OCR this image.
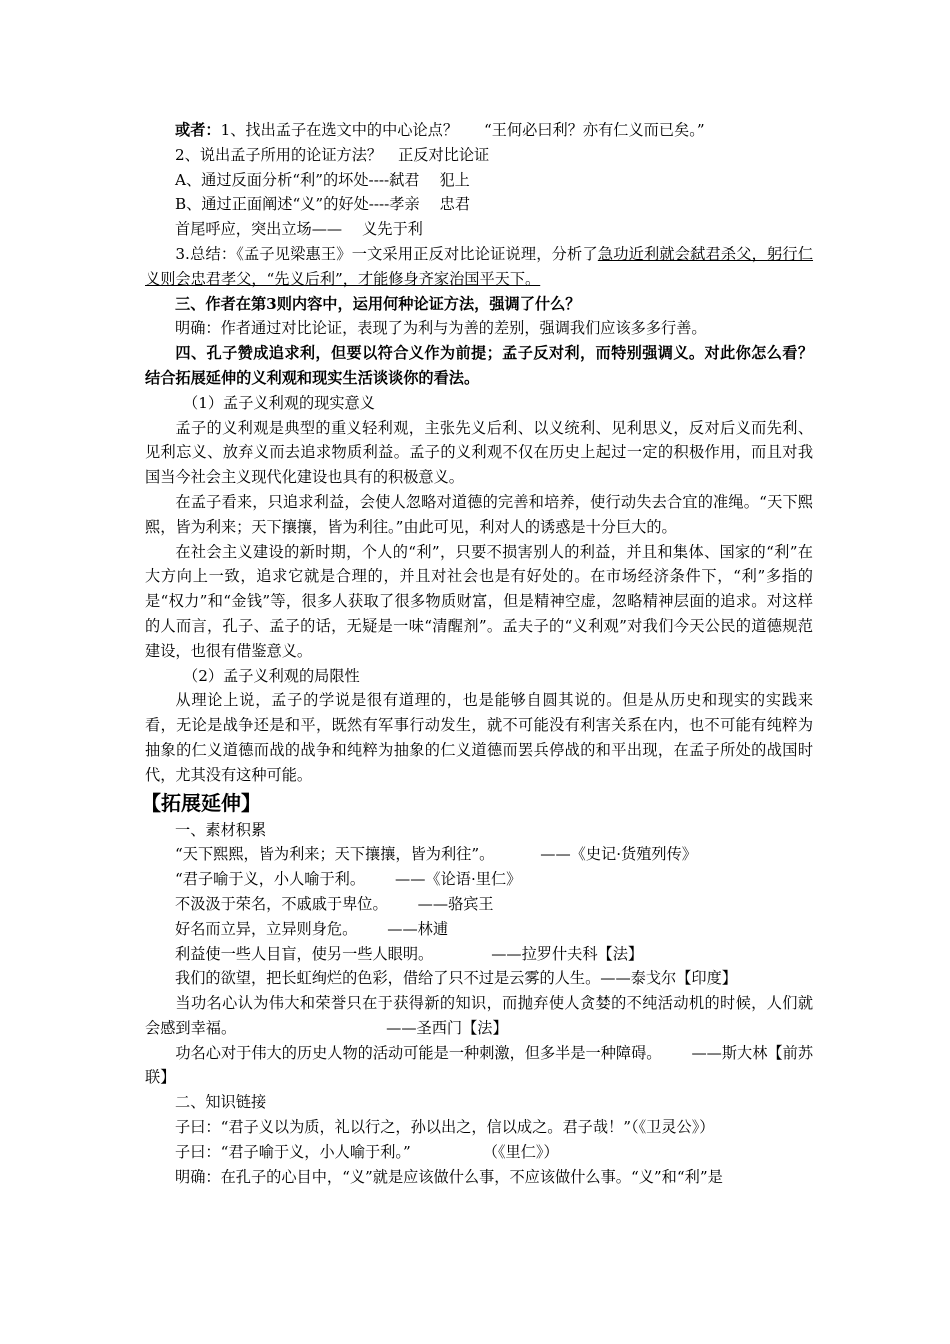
或者：1、找出孟子在选文中的中心论点？ “王何必曰利？亦有仁义而已矣。”

2、说出孟子所用的论证方法？ 正反对比论证

A、通过反面分析“利”的坏处----弑君 犯上

B、通过正面阐述“义”的好处----孝亲 忠君

首尾呼应，突出立场—— 义先于利

3.总结：《孟子见梁惠王》一文采用正反对比论证说理，分析了急功近利就会弑君杀父，躬行仁义则会忠君孝父，“先义后利”，才能修身齐家治国平天下。

三、作者在第3则内容中，运用何种论证方法，强调了什么？

明确：作者通过对比论证，表现了为利与为善的差别，强调我们应该多多行善。

四、孔子赞成追求利，但要以符合义作为前提；孟子反对利，而特别强调义。对此你怎么看？结合拓展延伸的义利观和现实生活谈谈你的看法。

（1）孟子义利观的现实意义

孟子的义利观是典型的重义轻利观，主张先义后利、以义统利、见利思义，反对后义而先利、见利忘义、放弃义而去追求物质利益。孟子的义利观不仅在历史上起过一定的积极作用，而且对我国当今社会主义现代化建设也具有的积极意义。

在孟子看来，只追求利益，会使人忽略对道德的完善和培养，使行动失去合宜的准绳。“天下熙熙，皆为利来；天下攘攘，皆为利往。”由此可见，利对人的诱惑是十分巨大的。

在社会主义建设的新时期，个人的“利”，只要不损害别人的利益，并且和集体、国家的“利”在大方向上一致，追求它就是合理的，并且对社会也是有好处的。在市场经济条件下，“利”多指的是“权力”和“金钱”等，很多人获取了很多物质财富，但是精神空虚，忽略精神层面的追求。对这样的人而言，孔子、孟子的话，无疑是一味“清醒剂”。孟夫子的“义利观”对我们今天公民的道德规范建设，也很有借鉴意义。

（2）孟子义利观的局限性

从理论上说，孟子的学说是很有道理的，也是能够自圆其说的。但是从历史和现实的实践来看，无论是战争还是和平，既然有军事行动发生，就不可能没有利害关系在内，也不可能有纯粹为抽象的仁义道德而战的战争和纯粹为抽象的仁义道德而罢兵停战的和平出现，在孟子所处的战国时代，尤其没有这种可能。

【拓展延伸】

一、素材积累

“天下熙熙，皆为利来；天下攘攘，皆为利往”。	——《史记·货殖列传》

“君子喻于义，小人喻于利。 ——《论语·里仁》

不汲汲于荣名，不戚戚于卑位。 ——骆宾王

好名而立异，立异则身危。 ——林逋

利益使一些人目盲，使另一些人眼明。	——拉罗什夫科【法】

我们的欲望，把长虹绚烂的色彩，借给了只不过是云雾的人生。——泰戈尔【印度】

当功名心认为伟大和荣誉只在于获得新的知识，而抛弃使人贪婪的不纯活动机的时候，人们就会感到幸福。	——圣西门【法】

功名心对于伟大的历史人物的活动可能是一种刺激，但多半是一种障碍。 ——斯大林【前苏联】

二、知识链接

子曰：“君子义以为质，礼以行之，孙以出之，信以成之。君子哉！”（《卫灵公》）

子曰：“君子喻于义，小人喻于利。”	（《里仁》）

明确：在孔子的心目中，“义”就是应该做什么事，不应该做什么事。“义”和“利”是
